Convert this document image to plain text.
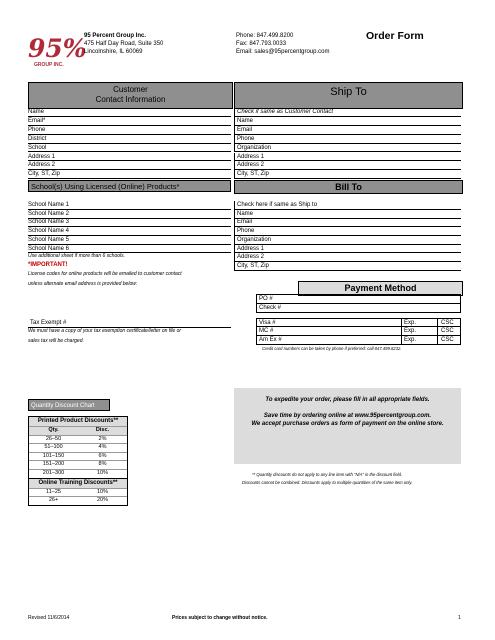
95%
GROUP INC.
95 Percent Group Inc.
475 Half Day Road, Suite 350
Lincolnshire, IL 60069
Phone: 847.499.8200
Fax: 847.793.0033
Email: sales@95percentgroup.com
Order Form
Customer
Contact Information
Name
Email*
Phone
District
School
Address 1
Address 2
City, ST, Zip
Ship To
Check if same as Customer Contact
Name
Email
Phone
Organization
Address 1
Address 2
City, ST, Zip
School(s) Using Licensed (Online) Products*
School Name 1
School Name 2
School Name 3
School Name 4
School Name 5
School Name 6
Use additional sheet if more than 6 schools.
*IMPORTANT!
License codes for online products will be emailed to customer contact
unless alternate email address is provided below:
Bill To
Check here if same as Ship to
Name
Email
Phone
Organization
Address 1
Address 2
City, ST, Zip
Payment Method
PO #
Check #
Visa #	Exp.	CSC
MC #	Exp.	CSC
Am Ex #	Exp.	CSC
Credit card numbers can be taken by phone if preferred: call 847.499.8232.
Tax Exempt #
We must have a copy of your tax exemption certificate/letter on file or
sales tax will be charged.
Quantity Discount Chart
Printed Product Discounts**
Qty.	Disc.
26–50	2%
51–100	4%
101–150	6%
151–200	8%
201–300	10%
Online Training Discounts**
11–25	10%
26+	20%
To expedite your order, please fill in all appropriate fields.
Save time by ordering online at www.95percentgroup.com.
We accept purchase orders as form of payment on the online store.
** Quantity discounts do not apply to any line item with "N/A" in the discount field.
Discounts cannot be combined. Discounts apply to multiple quantities of the same item only.
Revised 11/6/2014	Prices subject to change without notice.	1
